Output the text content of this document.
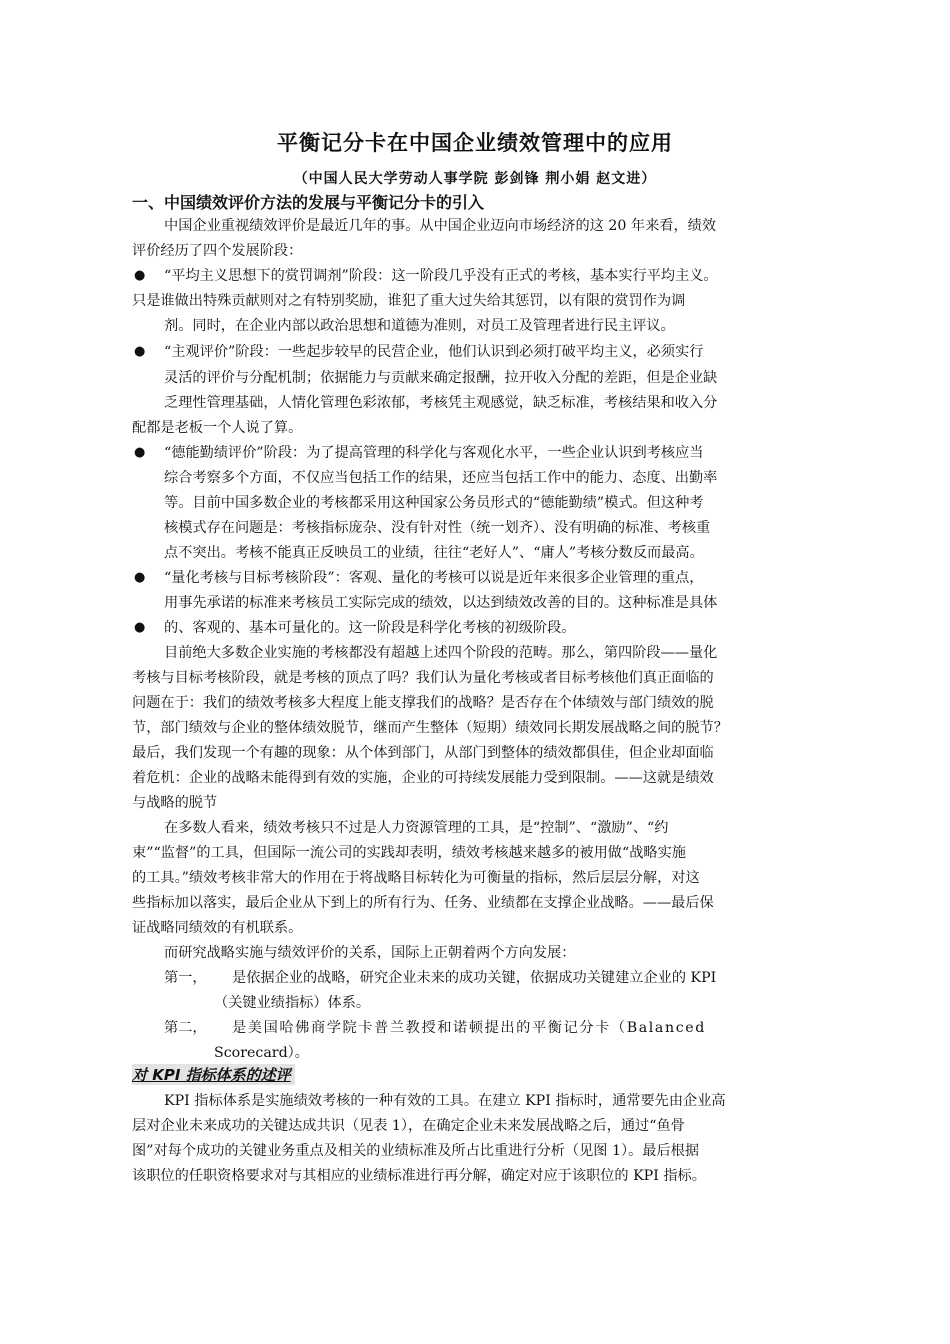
平衡记分卡在中国企业绩效管理中的应用
（中国人民大学劳动人事学院 彭剑锋 荆小娟 赵文进）
一、中国绩效评价方法的发展与平衡记分卡的引入
中国企业重视绩效评价是最近几年的事。从中国企业迈向市场经济的这 20 年来看，绩效
评价经历了四个发展阶段：
● “平均主义思想下的赏罚调剂”阶段：这一阶段几乎没有正式的考核，基本实行平均主义。
只是谁做出特殊贡献则对之有特别奖励，谁犯了重大过失给其惩罚，以有限的赏罚作为调
剂。同时，在企业内部以政治思想和道德为准则，对员工及管理者进行民主评议。
● “主观评价”阶段：一些起步较早的民营企业，他们认识到必须打破平均主义，必须实行
灵活的评价与分配机制；依据能力与贡献来确定报酬，拉开收入分配的差距，但是企业缺
乏理性管理基础，人情化管理色彩浓郁，考核凭主观感觉，缺乏标准，考核结果和收入分
配都是老板一个人说了算。
● “德能勤绩评价”阶段：为了提高管理的科学化与客观化水平，一些企业认识到考核应当
综合考察多个方面，不仅应当包括工作的结果，还应当包括工作中的能力、态度、出勤率
等。目前中国多数企业的考核都采用这种国家公务员形式的“德能勤绩”模式。但这种考
核模式存在问题是：考核指标庞杂、没有针对性（统一划齐）、没有明确的标准、考核重
点不突出。考核不能真正反映员工的业绩，往往“老好人”、“庸人”考核分数反而最高。
● “量化考核与目标考核阶段”：客观、量化的考核可以说是近年来很多企业管理的重点，
用事先承诺的标准来考核员工实际完成的绩效，以达到绩效改善的目的。这种标准是具体
● 的、客观的、基本可量化的。这一阶段是科学化考核的初级阶段。
目前绝大多数企业实施的考核都没有超越上述四个阶段的范畴。那么，第四阶段——量化
考核与目标考核阶段，就是考核的顶点了吗？我们认为量化考核或者目标考核他们真正面临的
问题在于：我们的绩效考核多大程度上能支撑我们的战略？是否存在个体绩效与部门绩效的脱
节，部门绩效与企业的整体绩效脱节，继而产生整体（短期）绩效同长期发展战略之间的脱节？
最后，我们发现一个有趣的现象：从个体到部门，从部门到整体的绩效都俱佳，但企业却面临
着危机：企业的战略未能得到有效的实施，企业的可持续发展能力受到限制。——这就是绩效
与战略的脱节
在多数人看来，绩效考核只不过是人力资源管理的工具，是“控制”、“激励”、“约
束”“监督”的工具，但国际一流公司的实践却表明，绩效考核越来越多的被用做“战略实施
的工具。”绩效考核非常大的作用在于将战略目标转化为可衡量的指标，然后层层分解，对这
些指标加以落实，最后企业从下到上的所有行为、任务、业绩都在支撑企业战略。——最后保
证战略同绩效的有机联系。
而研究战略实施与绩效评价的关系，国际上正朝着两个方向发展：
第一， 是依据企业的战略，研究企业未来的成功关键，依据成功关键建立企业的 KPI
（关键业绩指标）体系。
第二， 是美国哈佛商学院卡普兰教授和诺顿提出的平衡记分卡（Balanced
Scorecard）。
对 KPI 指标体系的述评
KPI 指标体系是实施绩效考核的一种有效的工具。在建立 KPI 指标时，通常要先由企业高
层对企业未来成功的关键达成共识（见表 1），在确定企业未来发展战略之后，通过“鱼骨
图”对每个成功的关键业务重点及相关的业绩标准及所占比重进行分析（见图 1）。最后根据
该职位的任职资格要求对与其相应的业绩标准进行再分解，确定对应于该职位的 KPI 指标。
